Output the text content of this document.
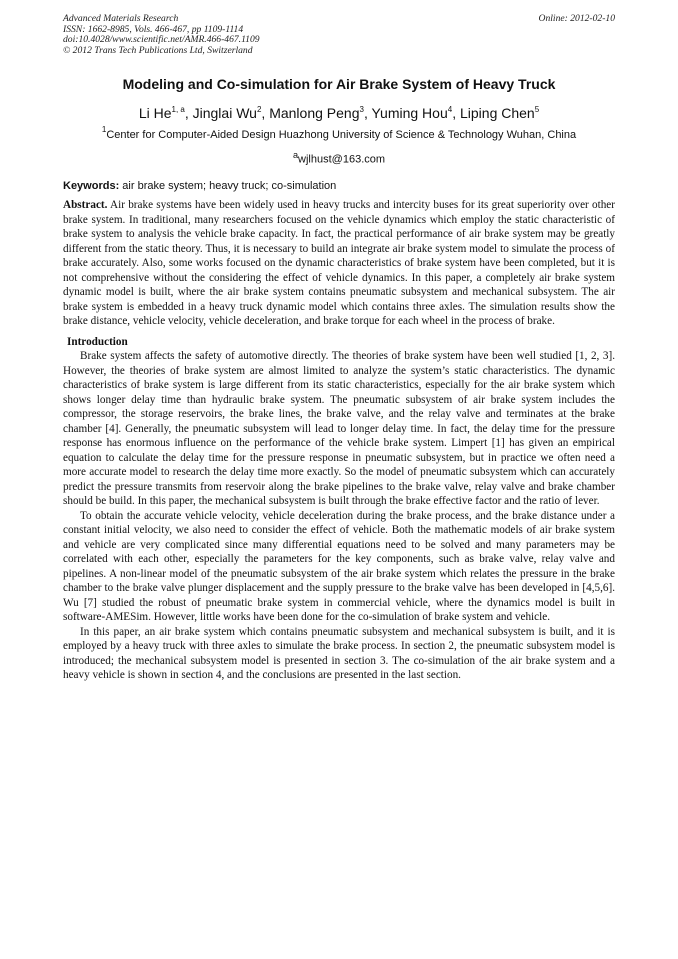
Advanced Materials Research
ISSN: 1662-8985, Vols. 466-467, pp 1109-1114
doi:10.4028/www.scientific.net/AMR.466-467.1109
© 2012 Trans Tech Publications Ltd, Switzerland
Online: 2012-02-10
Modeling and Co-simulation for Air Brake System of Heavy Truck
Li He$^{1, a}$, Jinglai Wu$^2$, Manlong Peng$^3$, Yuming Hou$^4$, Liping Chen$^5$
$^1$Center for Computer-Aided Design Huazhong University of Science & Technology Wuhan, China
$^a$wjlhust@163.com
Keywords: air brake system; heavy truck; co-simulation
Abstract. Air brake systems have been widely used in heavy trucks and intercity buses for its great superiority over other brake system. In traditional, many researchers focused on the vehicle dynamics which employ the static characteristic of brake system to analysis the vehicle brake capacity. In fact, the practical performance of air brake system may be greatly different from the static theory. Thus, it is necessary to build an integrate air brake system model to simulate the process of brake accurately. Also, some works focused on the dynamic characteristics of brake system have been completed, but it is not comprehensive without the considering the effect of vehicle dynamics. In this paper, a completely air brake system dynamic model is built, where the air brake system contains pneumatic subsystem and mechanical subsystem. The air brake system is embedded in a heavy truck dynamic model which contains three axles. The simulation results show the brake distance, vehicle velocity, vehicle deceleration, and brake torque for each wheel in the process of brake.
Introduction

Brake system affects the safety of automotive directly. The theories of brake system have been well studied [1, 2, 3]. However, the theories of brake system are almost limited to analyze the system’s static characteristics. The dynamic characteristics of brake system is large different from its static characteristics, especially for the air brake system which shows longer delay time than hydraulic brake system. The pneumatic subsystem of air brake system includes the compressor, the storage reservoirs, the brake lines, the brake valve, and the relay valve and terminates at the brake chamber [4]. Generally, the pneumatic subsystem will lead to longer delay time. In fact, the delay time for the pressure response has enormous influence on the performance of the vehicle brake system. Limpert [1] has given an empirical equation to calculate the delay time for the pressure response in pneumatic subsystem, but in practice we often need a more accurate model to research the delay time more exactly. So the model of pneumatic subsystem which can accurately predict the pressure transmits from reservoir along the brake pipelines to the brake valve, relay valve and brake chamber should be build. In this paper, the mechanical subsystem is built through the brake effective factor and the ratio of lever.

To obtain the accurate vehicle velocity, vehicle deceleration during the brake process, and the brake distance under a constant initial velocity, we also need to consider the effect of vehicle. Both the mathematic models of air brake system and vehicle are very complicated since many differential equations need to be solved and many parameters may be correlated with each other, especially the parameters for the key components, such as brake valve, relay valve and pipelines. A non-linear model of the pneumatic subsystem of the air brake system which relates the pressure in the brake chamber to the brake valve plunger displacement and the supply pressure to the brake valve has been developed in [4,5,6]. Wu [7] studied the robust of pneumatic brake system in commercial vehicle, where the dynamics model is built in software-AMESim. However, little works have been done for the co-simulation of brake system and vehicle.

In this paper, an air brake system which contains pneumatic subsystem and mechanical subsystem is built, and it is employed by a heavy truck with three axles to simulate the brake process. In section 2, the pneumatic subsystem model is introduced; the mechanical subsystem model is presented in section 3. The co-simulation of the air brake system and a heavy vehicle is shown in section 4, and the conclusions are presented in the last section.
